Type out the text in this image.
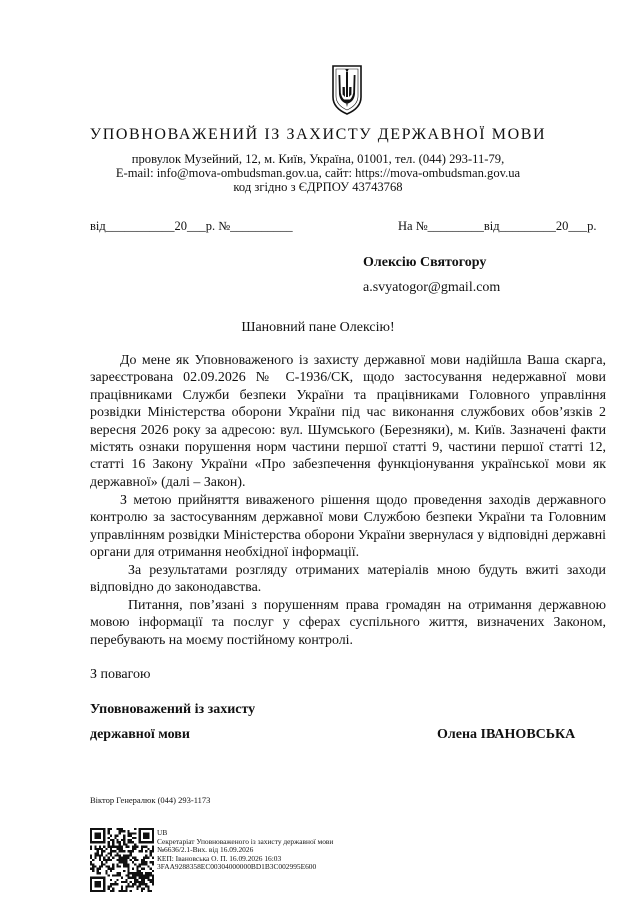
УПОВНОВАЖЕНИЙ ІЗ ЗАХИСТУ ДЕРЖАВНОЇ МОВИ
провулок Музейний, 12, м. Київ, Україна, 01001, тел. (044) 293-11-79,
E-mail: info@mova-ombudsman.gov.ua, сайт: https://mova-ombudsman.gov.ua
код згідно з ЄДРПОУ 43743768
від___________20___р. №__________	На №_________від_________20___р.
Олексію Святогору
a.svyatogor@gmail.com
Шановний пане Олексію!
До мене як Уповноваженого із захисту державної мови надійшла Ваша скарга, зареєстрована 02.09.2026 № С-1936/СК, щодо застосування недержавної мови працівниками Служби безпеки України та працівниками Головного управління розвідки Міністерства оборони України під час виконання службових обов’язків 2 вересня 2026 року за адресою: вул. Шумського (Березняки), м. Київ. Зазначені факти містять ознаки порушення норм частини першої статті 9, частини першої статті 12, статті 16 Закону України «Про забезпечення функціонування української мови як державної» (далі – Закон).
З метою прийняття виваженого рішення щодо проведення заходів державного контролю за застосуванням державної мови Службою безпеки України та Головним управлінням розвідки Міністерства оборони України звернулася у відповідні державні органи для отримання необхідної інформації.
За результатами розгляду отриманих матеріалів мною будуть вжиті заходи відповідно до законодавства.
Питання, пов’язані з порушенням права громадян на отримання державною мовою інформації та послуг у сферах суспільного життя, визначених Законом, перебувають на моєму постійному контролі.
З повагою
Уповноважений із захисту
державної мови	Олена ІВАНОВСЬКА
Віктор Генералюк (044) 293-1173
UB
Секретаріат Уповноваженого із захисту державної мови
№6636/2.1-Вих. від 16.09.2026
КЕП: Івановська О. П. 16.09.2026 16:03
3FAA9288358EC00304000000BD1B3C002995E600
